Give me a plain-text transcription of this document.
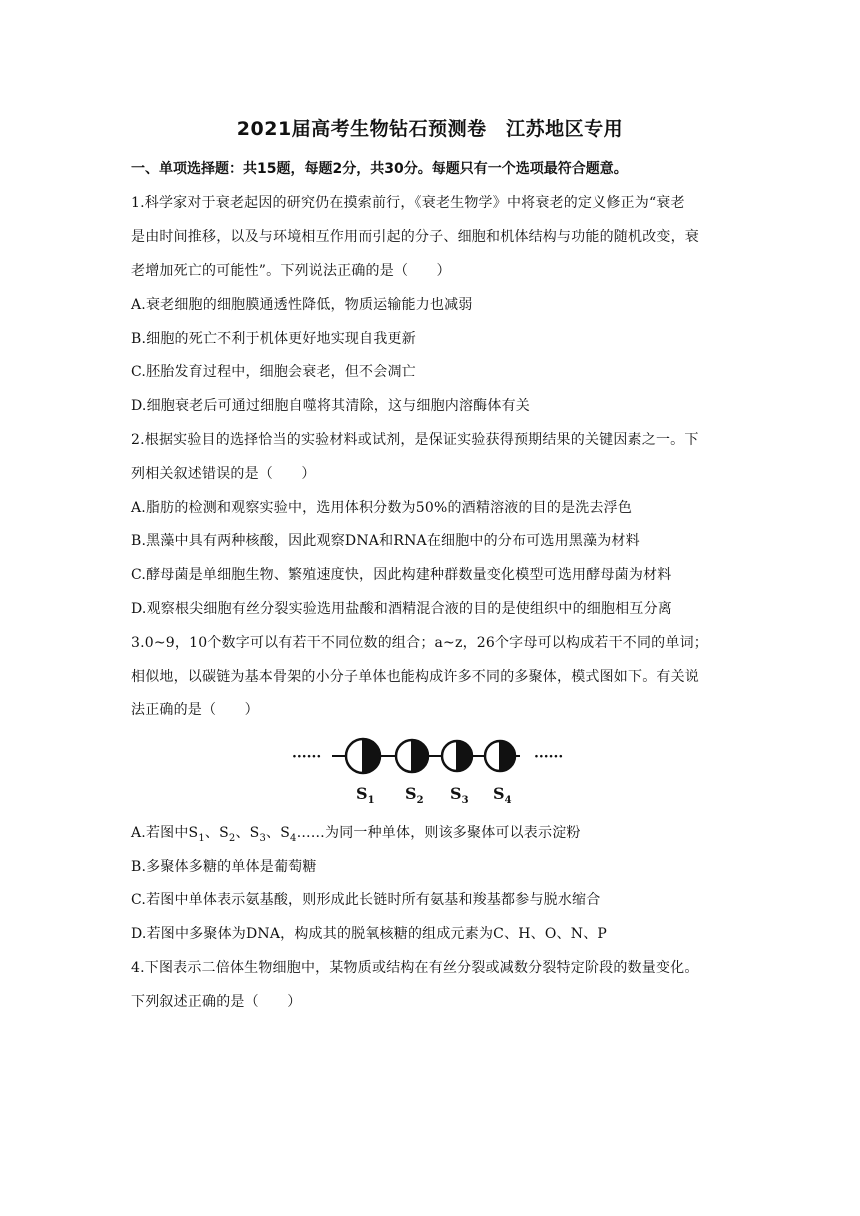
2021届高考生物钻石预测卷　江苏地区专用
一、单项选择题：共15题，每题2分，共30分。每题只有一个选项最符合题意。
1.科学家对于衰老起因的研究仍在摸索前行，《衰老生物学》中将衰老的定义修正为“衰老
是由时间推移，以及与环境相互作用而引起的分子、细胞和机体结构与功能的随机改变，衰
老增加死亡的可能性”。下列说法正确的是（　　）
A.衰老细胞的细胞膜通透性降低，物质运输能力也减弱
B.细胞的死亡不利于机体更好地实现自我更新
C.胚胎发育过程中，细胞会衰老，但不会凋亡
D.细胞衰老后可通过细胞自噬将其清除，这与细胞内溶酶体有关
2.根据实验目的选择恰当的实验材料或试剂，是保证实验获得预期结果的关键因素之一。下
列相关叙述错误的是（　　）
A.脂肪的检测和观察实验中，选用体积分数为50%的酒精溶液的目的是洗去浮色
B.黑藻中具有两种核酸，因此观察DNA和RNA在细胞中的分布可选用黑藻为材料
C.酵母菌是单细胞生物、繁殖速度快，因此构建种群数量变化模型可选用酵母菌为材料
D.观察根尖细胞有丝分裂实验选用盐酸和酒精混合液的目的是使组织中的细胞相互分离
3.0~9，10个数字可以有若干不同位数的组合；a~z，26个字母可以构成若干不同的单词；
相似地，以碳链为基本骨架的小分子单体也能构成许多不同的多聚体，模式图如下。有关说
法正确的是（　　）
······	······
$S_1$ $S_2$ $S_3$ $S_4$
A.若图中$S_1$、$S_2$、$S_3$、$S_4\dots\dots$为同一种单体，则该多聚体可以表示淀粉
B.多聚体多糖的单体是葡萄糖
C.若图中单体表示氨基酸，则形成此长链时所有氨基和羧基都参与脱水缩合
D.若图中多聚体为DNA，构成其的脱氧核糖的组成元素为C、H、O、N、P
4.下图表示二倍体生物细胞中，某物质或结构在有丝分裂或减数分裂特定阶段的数量变化。
下列叙述正确的是（　　）
